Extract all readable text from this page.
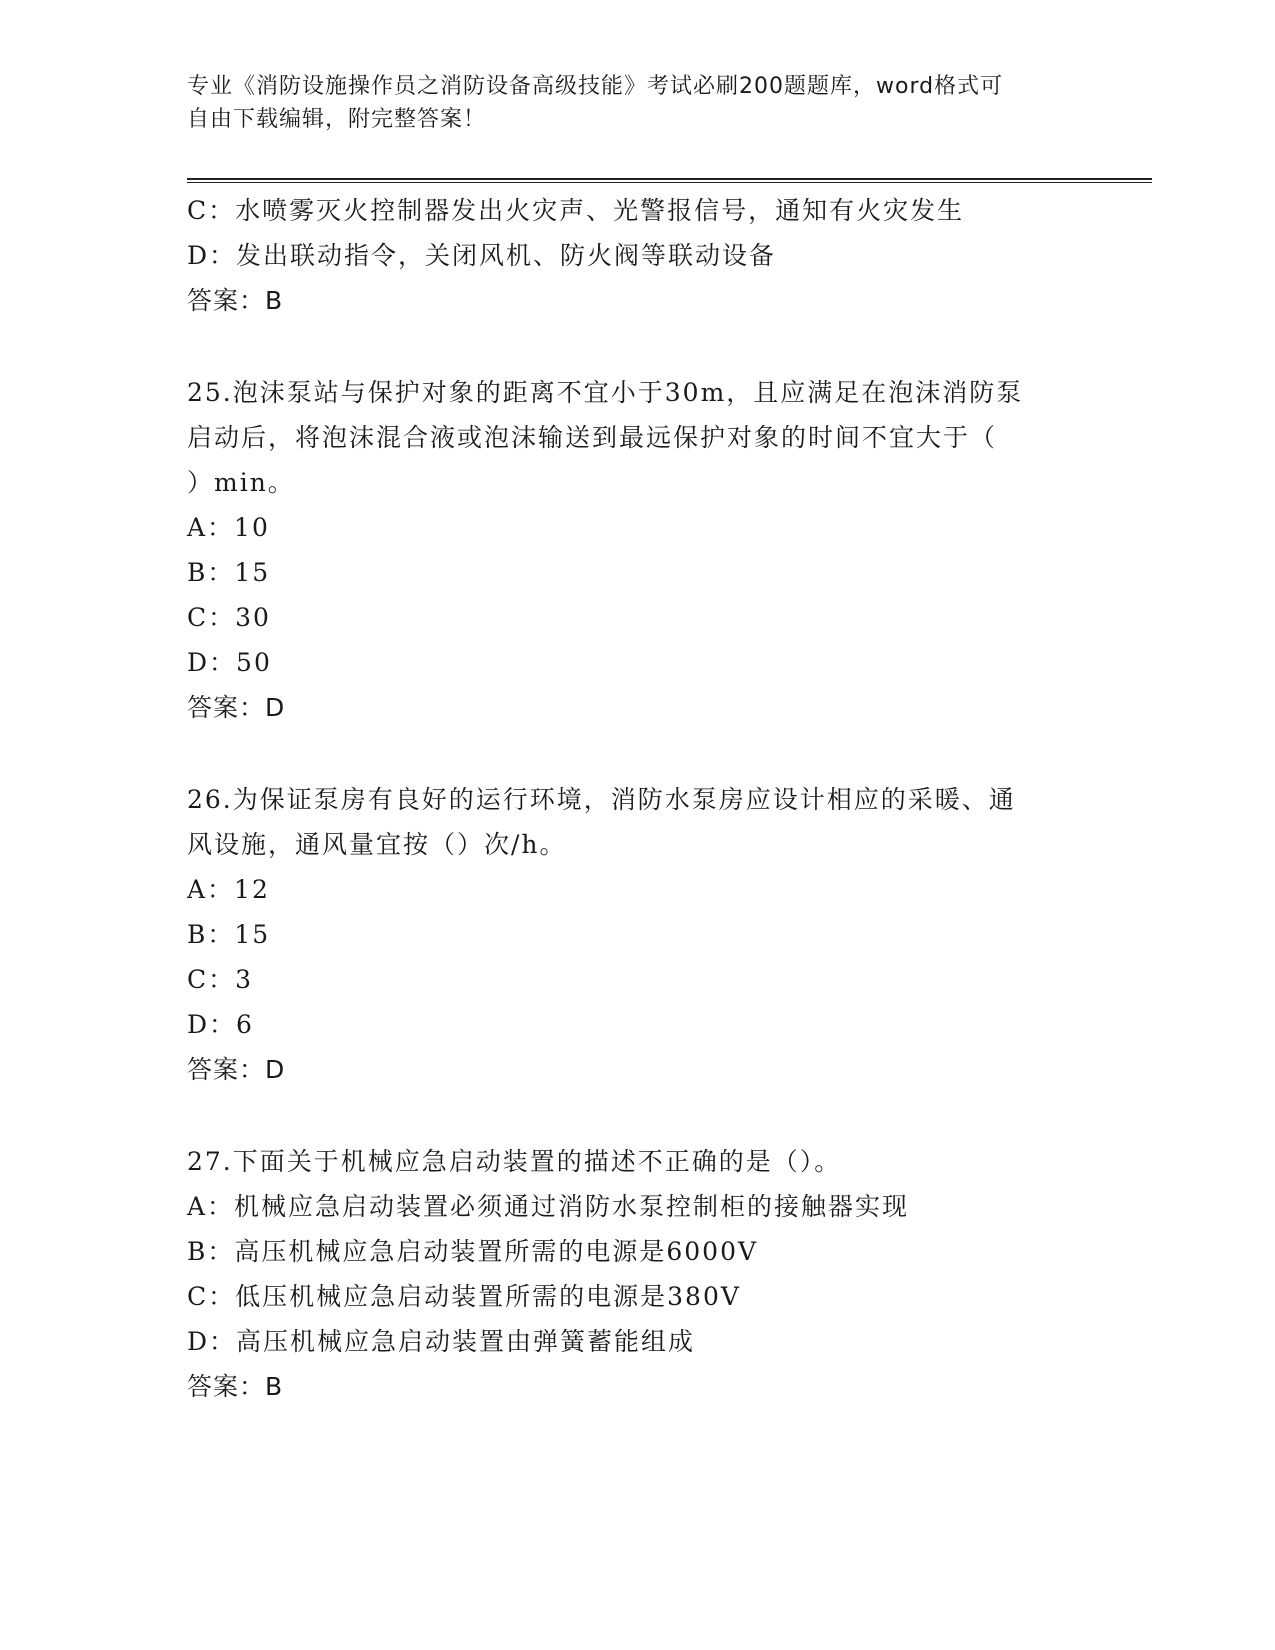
专业《消防设施操作员之消防设备高级技能》考试必刷200题题库，word格式可
自由下载编辑，附完整答案！
C：水喷雾灭火控制器发出火灾声、光警报信号，通知有火灾发生
D：发出联动指令，关闭风机、防火阀等联动设备
答案：B
25.泡沫泵站与保护对象的距离不宜小于30m，且应满足在泡沫消防泵
启动后，将泡沫混合液或泡沫输送到最远保护对象的时间不宜大于（
）min。
A：10
B：15
C：30
D：50
答案：D
26.为保证泵房有良好的运行环境，消防水泵房应设计相应的采暖、通
风设施，通风量宜按（）次/h。
A：12
B：15
C：3
D：6
答案：D
27.下面关于机械应急启动装置的描述不正确的是（）。
A：机械应急启动装置必须通过消防水泵控制柜的接触器实现
B：高压机械应急启动装置所需的电源是6000V
C：低压机械应急启动装置所需的电源是380V
D：高压机械应急启动装置由弹簧蓄能组成
答案：B
